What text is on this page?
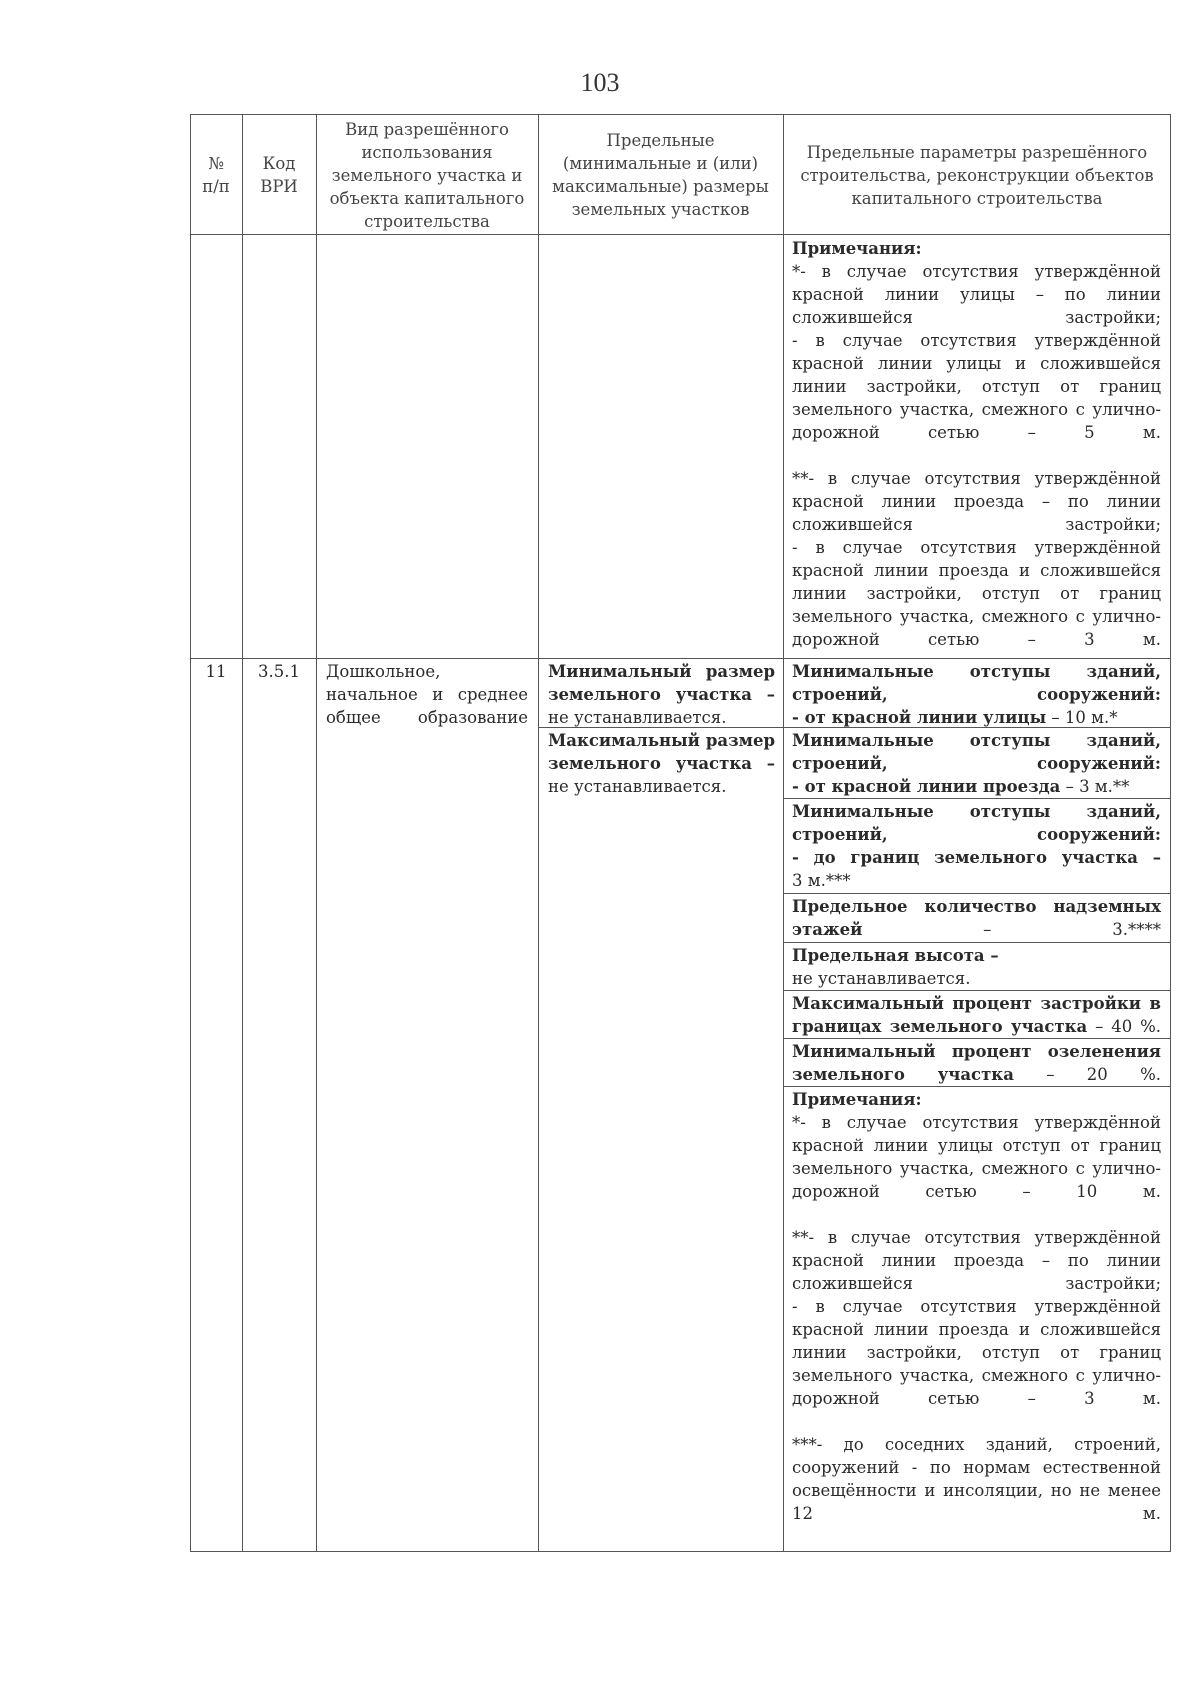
103
№ п/п
Код ВРИ
Вид разрешённого использования земельного участка и объекта капитального строительства
Предельные (минимальные и (или) максимальные) размеры земельных участков
Предельные параметры разрешённого строительства, реконструкции объектов капитального строительства

Примечания:

*- в случае отсутствия утверждённой красной линии улицы – по линии сложившейся застройки;

- в случае отсутствия утверждённой красной линии улицы и сложившейся линии застройки, отступ от границ земельного участка, смежного с улично-дорожной сетью – 5 м.

**- в случае отсутствия утверждённой красной линии проезда – по линии сложившейся застройки;

- в случае отсутствия утверждённой красной линии проезда и сложившейся линии застройки, отступ от границ земельного участка, смежного с улично-дорожной сетью – 3 м.

11	3.5.1	Дошкольное, начальное и среднее общее образование

Минимальный размер земельного участка –

не устанавливается.

Максимальный размер земельного участка –

не устанавливается.

Минимальные отступы зданий, строений, сооружений:

- от красной линии улицы – 10 м.*

Минимальные отступы зданий, строений, сооружений:

- от красной линии проезда – 3 м.**

Минимальные отступы зданий, строений, сооружений:

- до границ земельного участка –

3 м.***

Предельное количество надземных этажей – 3.****

Предельная высота –

не устанавливается.

Максимальный процент застройки в границах земельного участка – 40 %.

Минимальный процент озеленения земельного участка – 20 %.

Примечания:

*- в случае отсутствия утверждённой красной линии улицы отступ от границ земельного участка, смежного с улично-дорожной сетью – 10 м.

**- в случае отсутствия утверждённой красной линии проезда – по линии сложившейся застройки;

- в случае отсутствия утверждённой красной линии проезда и сложившейся линии застройки, отступ от границ земельного участка, смежного с улично-дорожной сетью – 3 м.

***- до соседних зданий, строений, сооружений - по нормам естественной освещённости и инсоляции, но не менее 12 м.
